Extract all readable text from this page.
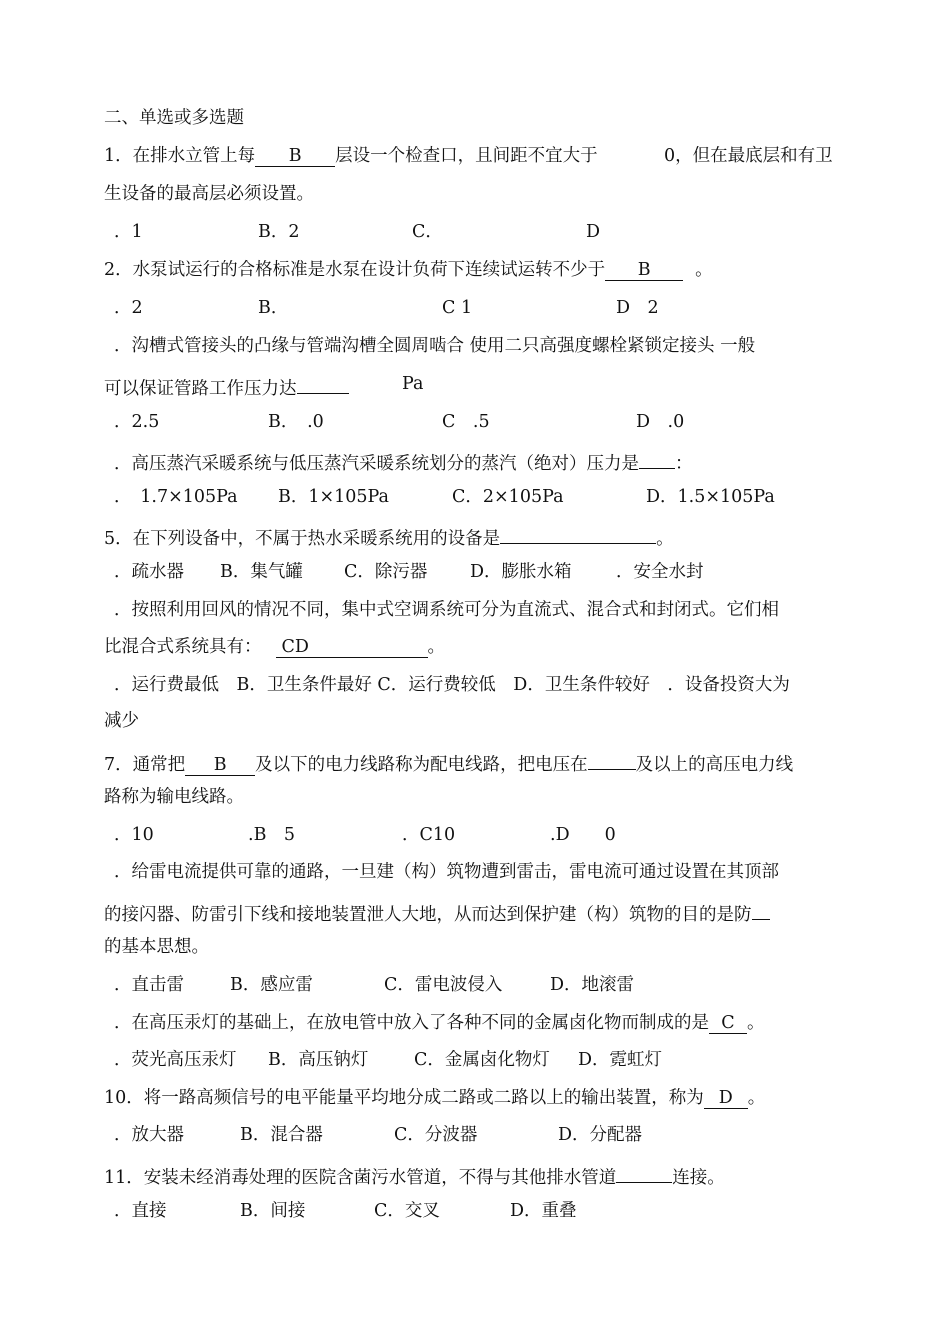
二、单选或多选题
1．在排水立管上每 B 层设一个检查口，且间距不宜大于	0，但在最底层和有卫
生设备的最高层必须设置。
．1	B．2	C．	D
2．水泵试运行的合格标准是水泵在设计负荷下连续试运转不少于 B	。
．2	B．	C 1	D　2
．沟槽式管接头的凸缘与管端沟槽全圆周啮合 使用二只高强度螺栓紧锁定接头 一般
可以保证管路工作压力达	Pa
．2.5	B．　.0	C　.5	D　.0
．高压蒸汽采暖系统与低压蒸汽采暖系统划分的蒸汽（绝对）压力是 ：
．　1.7×105Pa B．1×105Pa	C．2×105Pa	D．1.5×105Pa
5．在下列设备中，不属于热水采暖系统用的设备是	。
．疏水器 B．集气罐 C．除污器 D．膨胀水箱	．安全水封
．按照利用回风的情况不同，集中式空调系统可分为直流式、混合式和封闭式。它们相
比混合式系统具有： CD	。
．运行费最低　B．卫生条件最好 C．运行费较低　D．卫生条件较好　．设备投资大为
减少
7．通常把 B 及以下的电力线路称为配电线路，把电压在	及以上的高压电力线
路称为输电线路。
．10	.B　5	．C10	.D　　0
．给雷电流提供可靠的通路，一旦建（构）筑物遭到雷击，雷电流可通过设置在其顶部
的接闪器、防雷引下线和接地装置泄人大地，从而达到保护建（构）筑物的目的是防
的基本思想。
．直击雷	B．感应雷	C．雷电波侵入	D．地滚雷
．在高压汞灯的基础上，在放电管中放入了各种不同的金属卤化物而制成的是 C 。
．荧光高压汞灯 B．高压钠灯	C．金属卤化物灯 D．霓虹灯
10．将一路高频信号的电平能量平均地分成二路或二路以上的输出装置，称为 D 。
．放大器	B．混合器	C．分波器	D．分配器
11．安装未经消毒处理的医院含菌污水管道，不得与其他排水管道	连接。
．直接	B．间接	C．交叉	D．重叠
